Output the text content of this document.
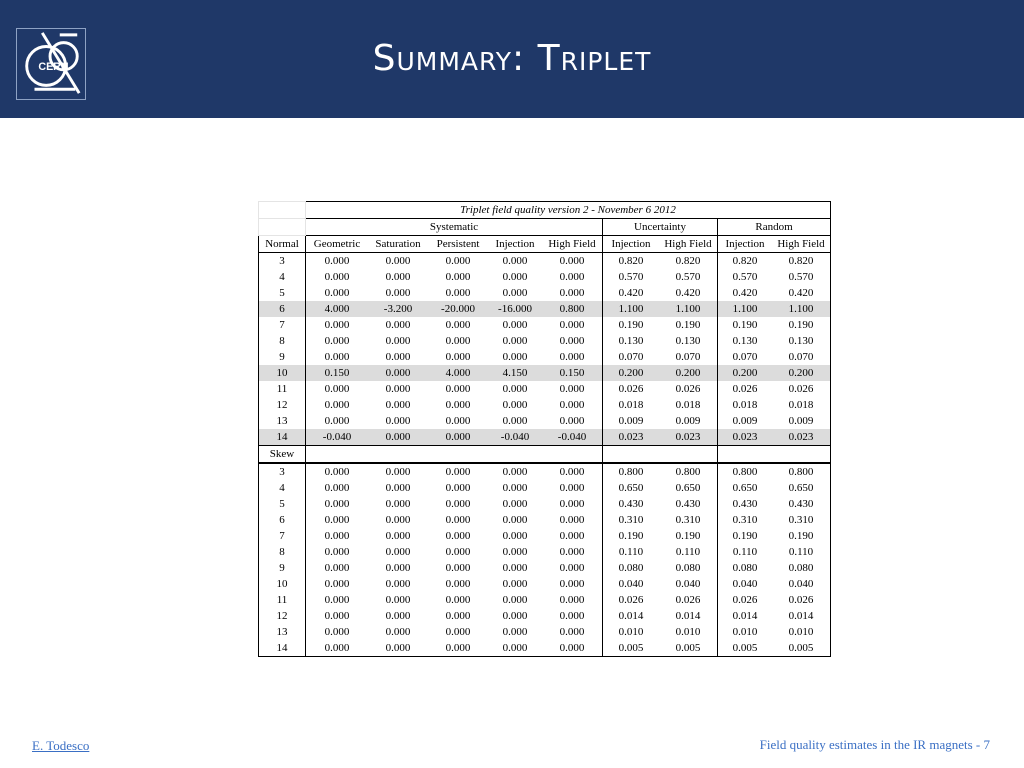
CERN	Summary: Triplet
	Triplet field quality version 2 - November 6 2012								
	Systematic					Uncertainty		Random	
Normal	Geometric	Saturation	Persistent	Injection	High Field	Injection	High Field	Injection	High Field
3	0.000	0.000	0.000	0.000	0.000	0.820	0.820	0.820	0.820
4	0.000	0.000	0.000	0.000	0.000	0.570	0.570	0.570	0.570
5	0.000	0.000	0.000	0.000	0.000	0.420	0.420	0.420	0.420
6	4.000	-3.200	-20.000	-16.000	0.800	1.100	1.100	1.100	1.100
7	0.000	0.000	0.000	0.000	0.000	0.190	0.190	0.190	0.190
8	0.000	0.000	0.000	0.000	0.000	0.130	0.130	0.130	0.130
9	0.000	0.000	0.000	0.000	0.000	0.070	0.070	0.070	0.070
10	0.150	0.000	4.000	4.150	0.150	0.200	0.200	0.200	0.200
11	0.000	0.000	0.000	0.000	0.000	0.026	0.026	0.026	0.026
12	0.000	0.000	0.000	0.000	0.000	0.018	0.018	0.018	0.018
13	0.000	0.000	0.000	0.000	0.000	0.009	0.009	0.009	0.009
14	-0.040	0.000	0.000	-0.040	-0.040	0.023	0.023	0.023	0.023
Skew									
3	0.000	0.000	0.000	0.000	0.000	0.800	0.800	0.800	0.800
4	0.000	0.000	0.000	0.000	0.000	0.650	0.650	0.650	0.650
5	0.000	0.000	0.000	0.000	0.000	0.430	0.430	0.430	0.430
6	0.000	0.000	0.000	0.000	0.000	0.310	0.310	0.310	0.310
7	0.000	0.000	0.000	0.000	0.000	0.190	0.190	0.190	0.190
8	0.000	0.000	0.000	0.000	0.000	0.110	0.110	0.110	0.110
9	0.000	0.000	0.000	0.000	0.000	0.080	0.080	0.080	0.080
10	0.000	0.000	0.000	0.000	0.000	0.040	0.040	0.040	0.040
11	0.000	0.000	0.000	0.000	0.000	0.026	0.026	0.026	0.026
12	0.000	0.000	0.000	0.000	0.000	0.014	0.014	0.014	0.014
13	0.000	0.000	0.000	0.000	0.000	0.010	0.010	0.010	0.010
14	0.000	0.000	0.000	0.000	0.000	0.005	0.005	0.005	0.005
E. Todesco	Field quality estimates in the IR magnets - 7
